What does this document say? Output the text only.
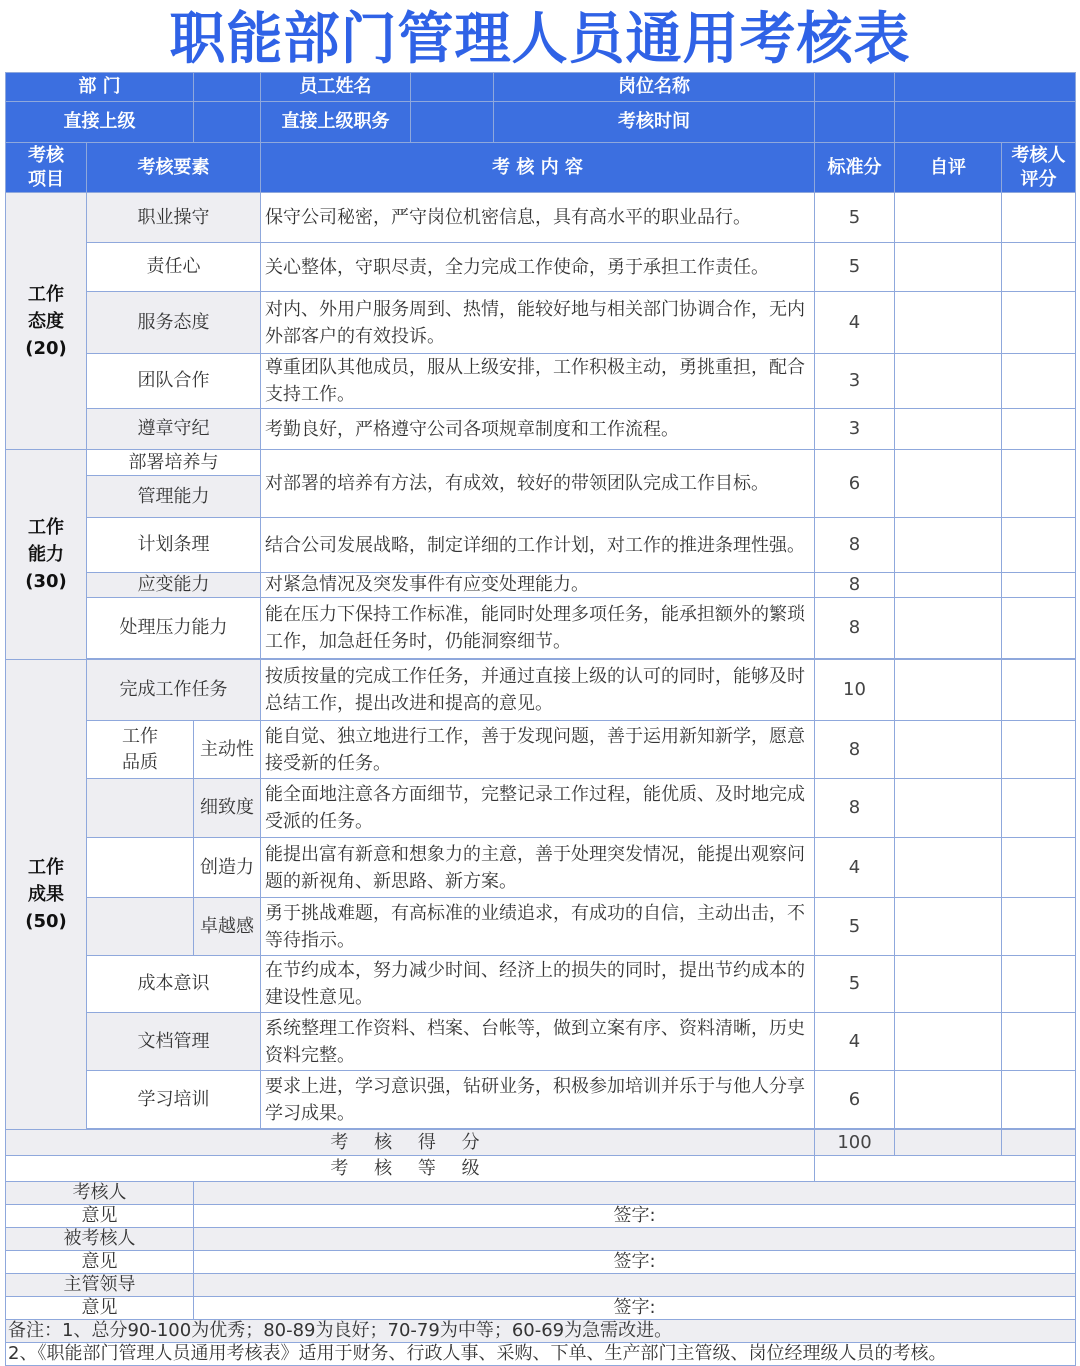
职能部门管理人员通用考核表
部 门			员工姓名 岗位名称			

直接上级			直接上级职务 考核时间			

考核项目	考核要素		考 核 内 容	标准分	自评	考核人评分

工作
态度
(20)	职业操守		保守公司秘密，严守岗位机密信息，具有高水平的职业品行。	5		
	责任心		关心整体，守职尽责，全力完成工作使命，勇于承担工作责任。	5		
	服务态度		对内、外用户服务周到、热情，能较好地与相关部门协调合作，无内外部客户的有效投诉。	4		
	团队合作		尊重团队其他成员，服从上级安排，工作积极主动，勇挑重担，配合支持工作。	3		
	遵章守纪		考勤良好，严格遵守公司各项规章制度和工作流程。	3		

工作
能力
(30)	部署培养与		对部署的培养有方法，有成效，较好的带领团队完成工作目标。	6		
	管理能力					
	计划条理		结合公司发展战略，制定详细的工作计划，对工作的推进条理性强。	8		
	应变能力		对紧急情况及突发事件有应变处理能力。	8		
	处理压力能力		能在压力下保持工作标准，能同时处理多项任务，能承担额外的繁琐工作，加急赶任务时，仍能洞察细节。	8		

工作
成果
(50)	完成工作任务		按质按量的完成工作任务，并通过直接上级的认可的同时，能够及时总结工作，提出改进和提高的意见。	10		
	工作品质	主动性	能自觉、独立地进行工作，善于发现问题，善于运用新知新学，愿意接受新的任务。	8		
		细致度	能全面地注意各方面细节，完整记录工作过程，能优质、及时地完成受派的任务。	8		
		创造力	能提出富有新意和想象力的主意，善于处理突发情况，能提出观察问题的新视角、新思路、新方案。	4		
		卓越感	勇于挑战难题，有高标准的业绩追求，有成功的自信，主动出击，不等待指示。	5		
	成本意识		在节约成本，努力减少时间、经济上的损失的同时，提出节约成本的建设性意见。	5		
	文档管理		系统整理工作资料、档案、台帐等，做到立案有序、资料清晰，历史资料完整。	4		
	学习培训		要求上进，学习意识强，钻研业务，积极参加培训并乐于与他人分享学习成果。	6		

考 核 得 分				100		
考 核 等 级						
考核人						
意见		签字:				
被考核人						
意见		签字:				
主管领导						
意见		签字:				
备注：1、总分90-100为优秀；80-89为良好；70-79为中等；60-69为急需改进。						
2、《职能部门管理人员通用考核表》适用于财务、行政人事、采购、下单、生产部门主管级、岗位经理级人员的考核。						
